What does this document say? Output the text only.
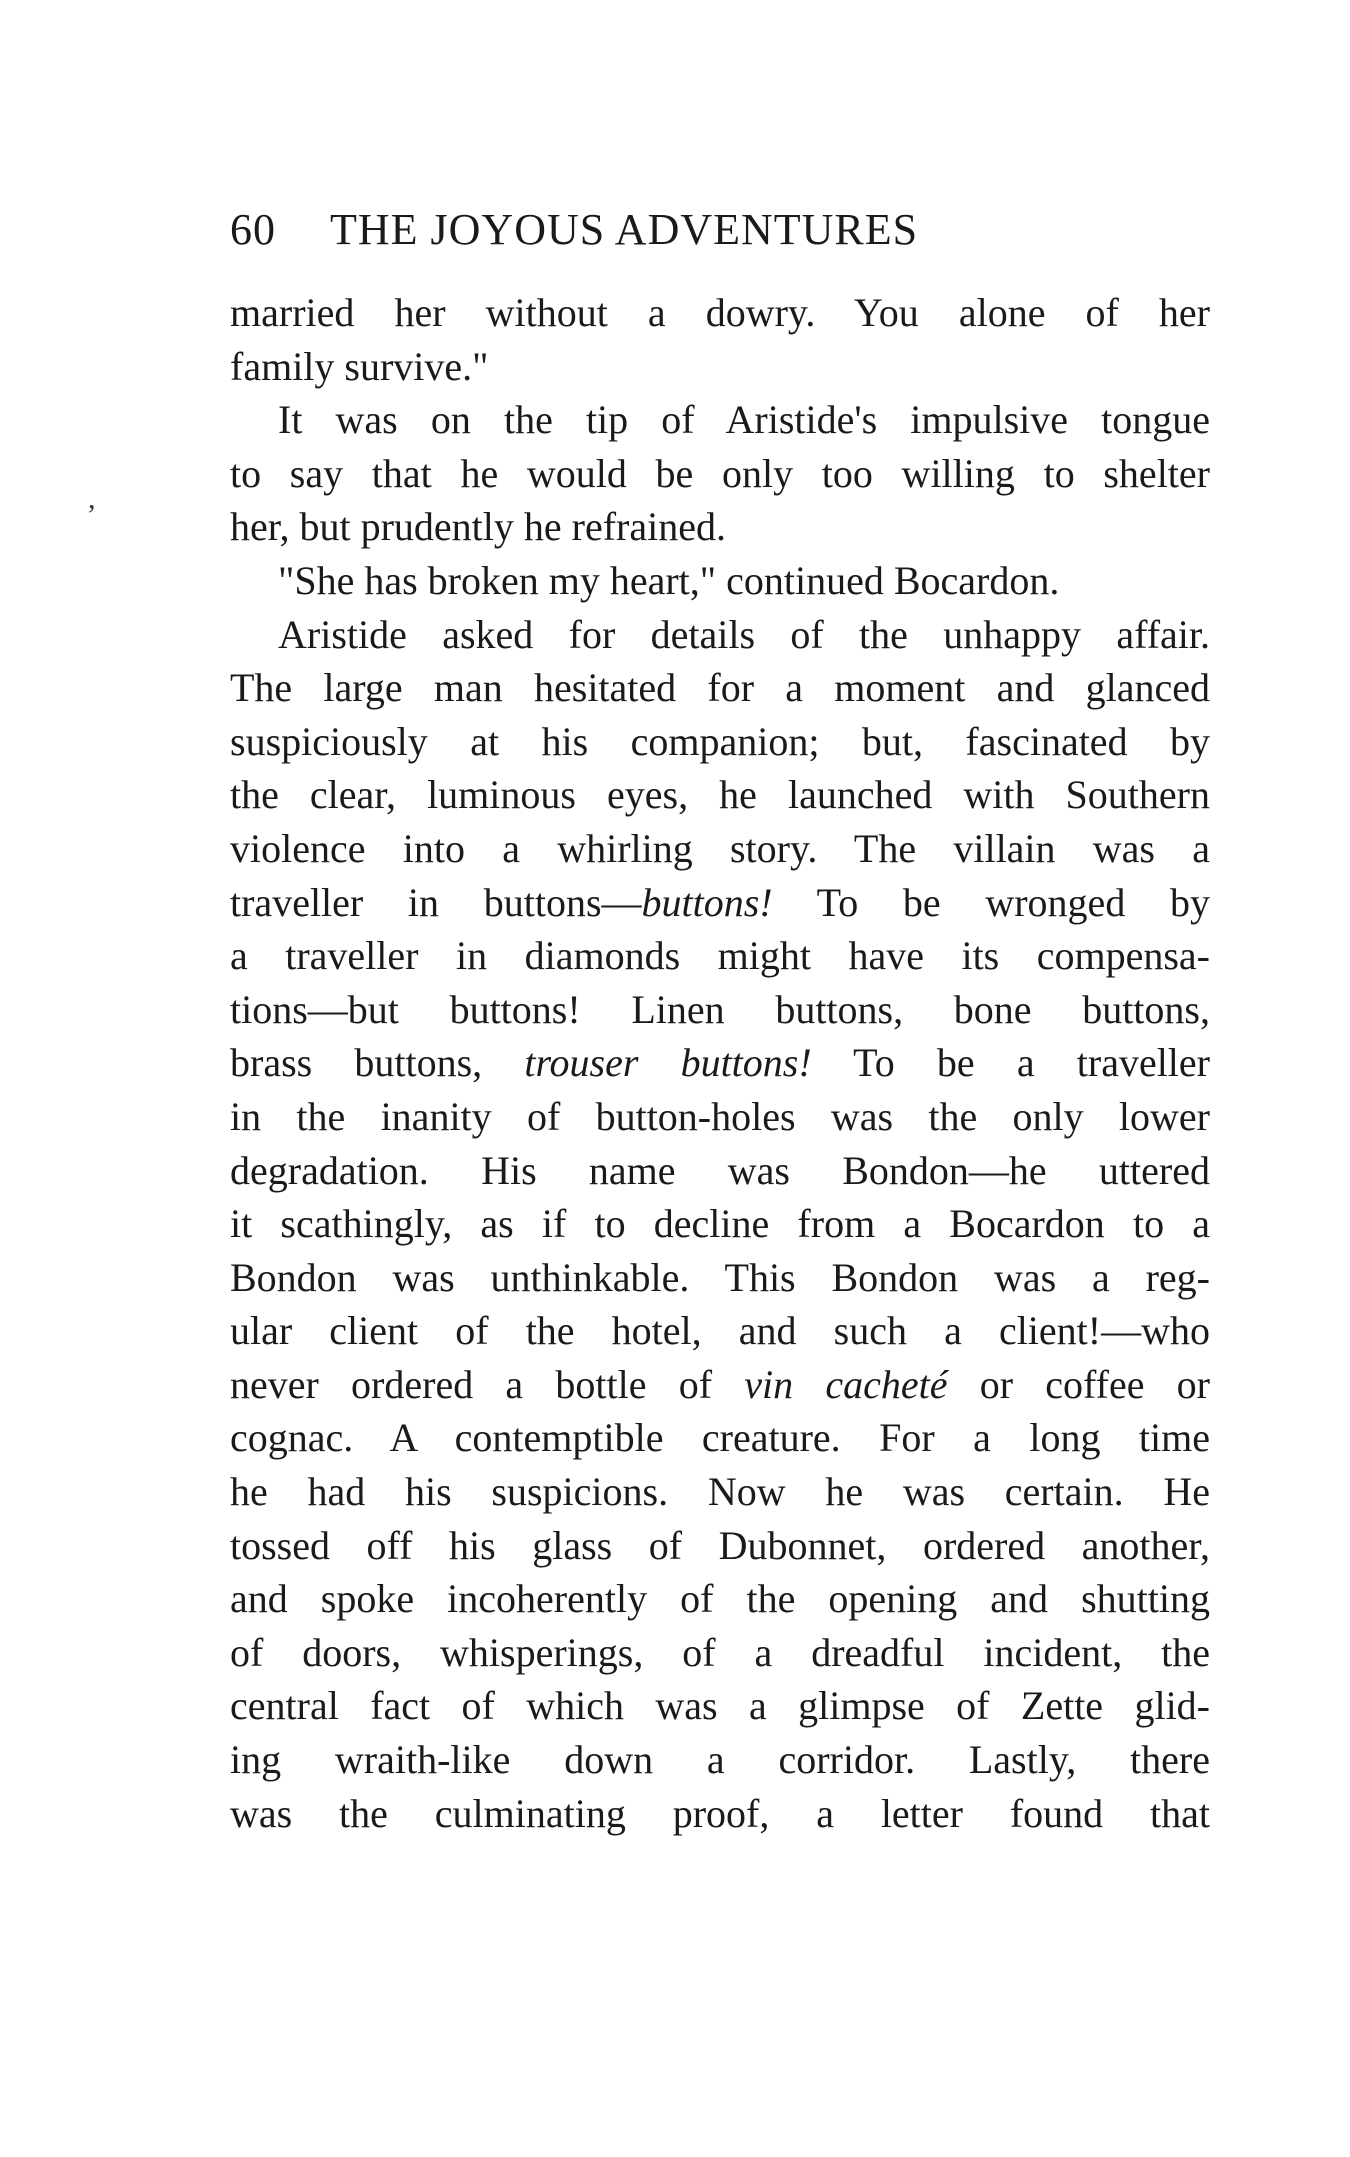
60 THE JOYOUS ADVENTURES
,
married her without a dowry. You alone of her
family survive."
It was on the tip of Aristide's impulsive tongue
to say that he would be only too willing to shelter
her, but prudently he refrained.
"She has broken my heart," continued Bocardon.
Aristide asked for details of the unhappy affair.
The large man hesitated for a moment and glanced
suspiciously at his companion; but, fascinated by
the clear, luminous eyes, he launched with Southern
violence into a whirling story. The villain was a
traveller in buttons—buttons! To be wronged by
a traveller in diamonds might have its compensa-
tions—but buttons! Linen buttons, bone buttons,
brass buttons, trouser buttons! To be a traveller
in the inanity of button-holes was the only lower
degradation. His name was Bondon—he uttered
it scathingly, as if to decline from a Bocardon to a
Bondon was unthinkable. This Bondon was a reg-
ular client of the hotel, and such a client!—who
never ordered a bottle of vin cacheté or coffee or
cognac. A contemptible creature. For a long time
he had his suspicions. Now he was certain. He
tossed off his glass of Dubonnet, ordered another,
and spoke incoherently of the opening and shutting
of doors, whisperings, of a dreadful incident, the
central fact of which was a glimpse of Zette glid-
ing wraith-like down a corridor. Lastly, there
was the culminating proof, a letter found that
